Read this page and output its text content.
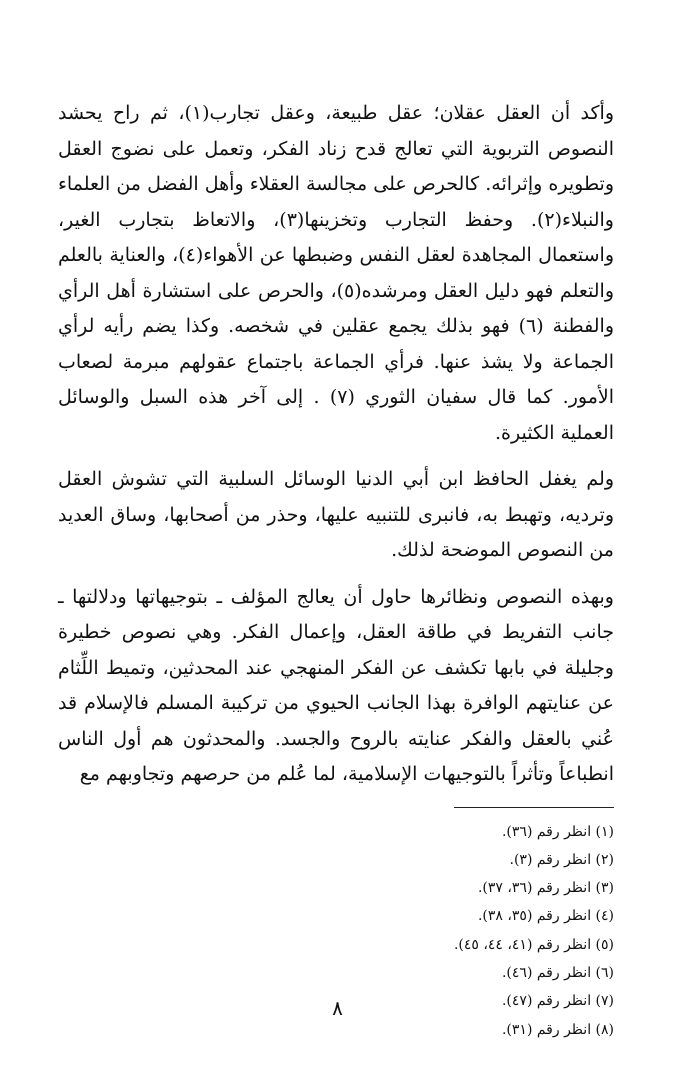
وأكد أن العقل عقلان؛ عقل طبيعة، وعقل تجارب(١)، ثم راح يحشد النصوص التربوية التي تعالج قدح زناد الفكر، وتعمل على نضوج العقل وتطويره وإثرائه. كالحرص على مجالسة العقلاء وأهل الفضل من العلماء والنبلاء(٢). وحفظ التجارب وتخزينها(٣)، والاتعاظ بتجارب الغير، واستعمال المجاهدة لعقل النفس وضبطها عن الأهواء(٤)، والعناية بالعلم والتعلم فهو دليل العقل ومرشده(٥)، والحرص على استشارة أهل الرأي والفطنة (٦) فهو بذلك يجمع عقلين في شخصه. وكذا يضم رأيه لرأي الجماعة ولا يشذ عنها. فرأي الجماعة باجتماع عقولهم مبرمة لصعاب الأمور. كما قال سفيان الثوري (٧) . إلى آخر هذه السبل والوسائل العملية الكثيرة.

ولم يغفل الحافظ ابن أبي الدنيا الوسائل السلبية التي تشوش العقل وترديه، وتهبط به، فانبرى للتنبيه عليها، وحذر من أصحابها، وساق العديد من النصوص الموضحة لذلك.

وبهذه النصوص ونظائرها حاول أن يعالج المؤلف ـ بتوجيهاتها ودلالتها ـ جانب التفريط في طاقة العقل، وإعمال الفكر. وهي نصوص خطيرة وجليلة في بابها تكشف عن الفكر المنهجي عند المحدثين، وتميط اللِّثام عن عنايتهم الوافرة بهذا الجانب الحيوي من تركيبة المسلم فالإسلام قد عُني بالعقل والفكر عنايته بالروح والجسد. والمحدثون هم أول الناس انطباعاً وتأثراً بالتوجيهات الإسلامية، لما عُلم من حرصهم وتجاوبهم مع

(١) انظر رقم (٣٦).

(٢) انظر رقم (٣).

(٣) انظر رقم (٣٦، ٣٧).

(٤) انظر رقم (٣٥، ٣٨).

(٥) انظر رقم (٤١، ٤٤، ٤٥).

(٦) انظر رقم (٤٦).

(٧) انظر رقم (٤٧).

(٨) انظر رقم (٣١).

٨
